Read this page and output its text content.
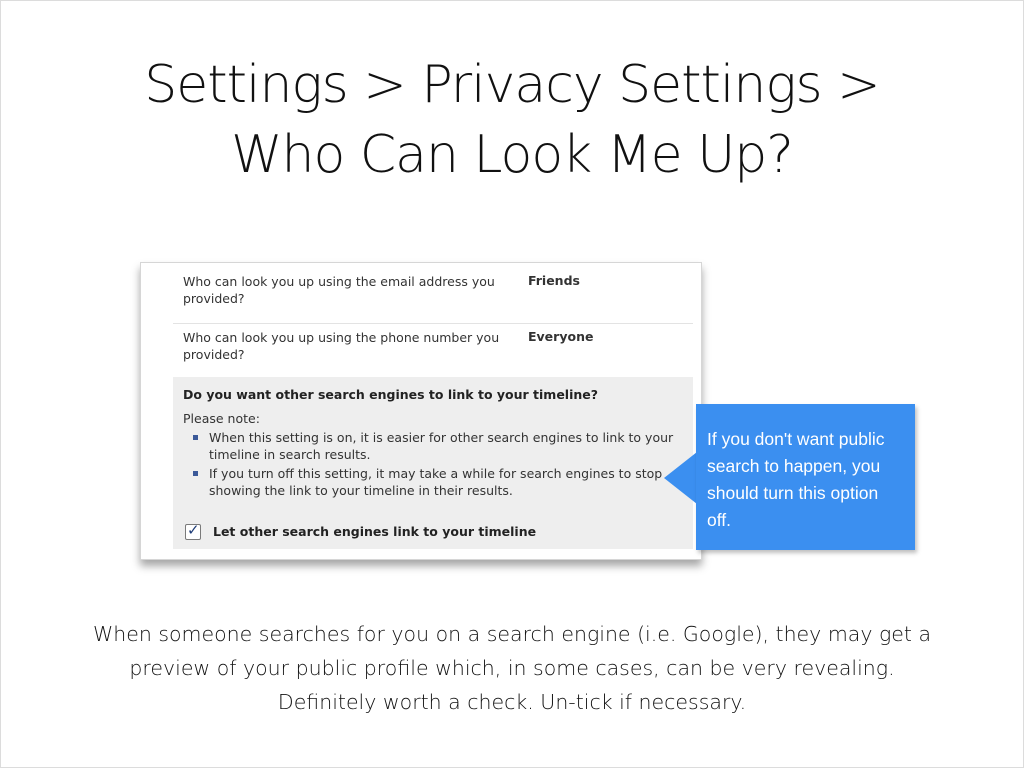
Settings > Privacy Settings >
Who Can Look Me Up?
Who can look you up using the email address you provided?
Friends
Who can look you up using the phone number you provided?
Everyone
Do you want other search engines to link to your timeline?
Please note:
When this setting is on, it is easier for other search engines to link to your timeline in search results.
If you turn off this setting, it may take a while for search engines to stop showing the link to your timeline in their results.
✓ Let other search engines link to your timeline
If you don't want public search to happen, you should turn this option off.
When someone searches for you on a search engine (i.e. Google), they may get a
preview of your public profile which, in some cases, can be very revealing.
Definitely worth a check. Un-tick if necessary.
